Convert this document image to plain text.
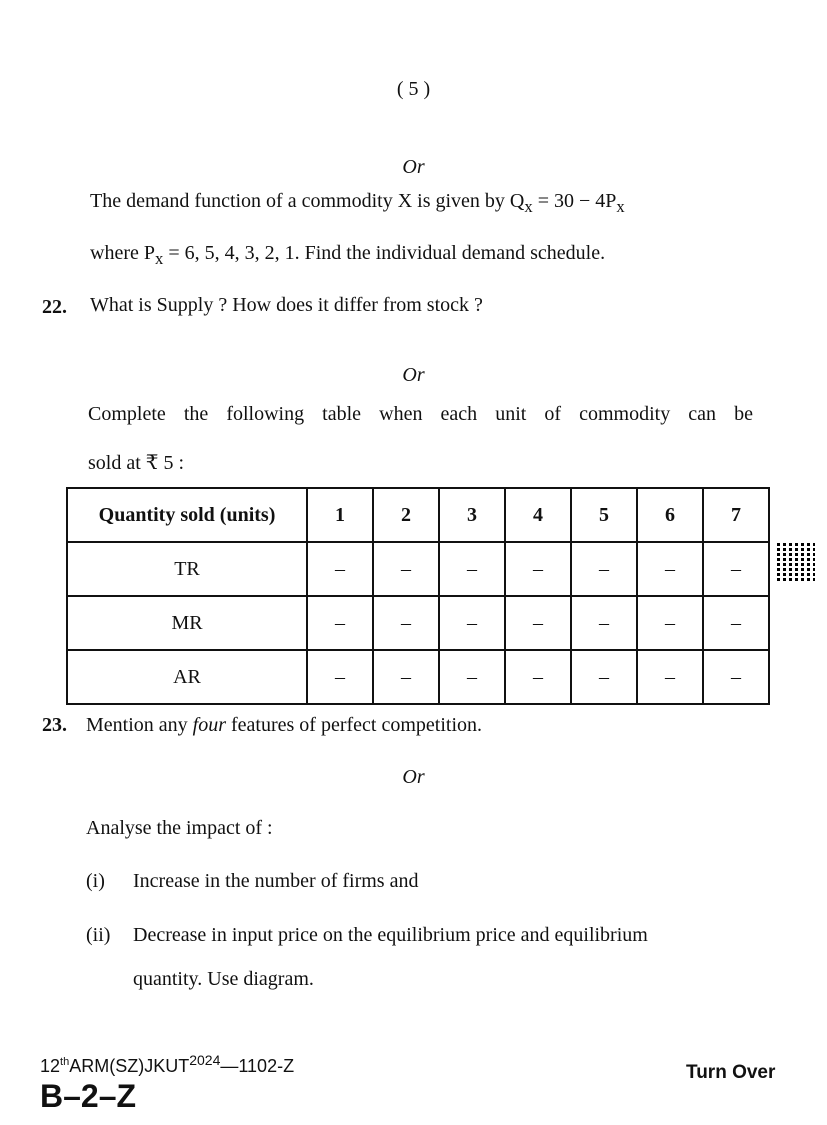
( 5 )
Or
The demand function of a commodity X is given by $Q_x = 30 - 4P_x$
where $P_x = 6$, 5, 4, 3, 2, 1. Find the individual demand schedule.
22. What is Supply ? How does it differ from stock ?
Or
Complete the following table when each unit of commodity can be
sold at ₹ 5 :
Quantity sold (units)	1	2	3	4	5	6	7
TR	–	–	–	–	–	–	–
MR	–	–	–	–	–	–	–
AR	–	–	–	–	–	–	–
23. Mention any four features of perfect competition.
Or
Analyse the impact of :
(i) Increase in the number of firms and
(ii) Decrease in input price on the equilibrium price and equilibrium
quantity. Use diagram.
$12thARM(SZ)JKUT^{2024}—1102-Z$
B–2–Z
Turn Over
